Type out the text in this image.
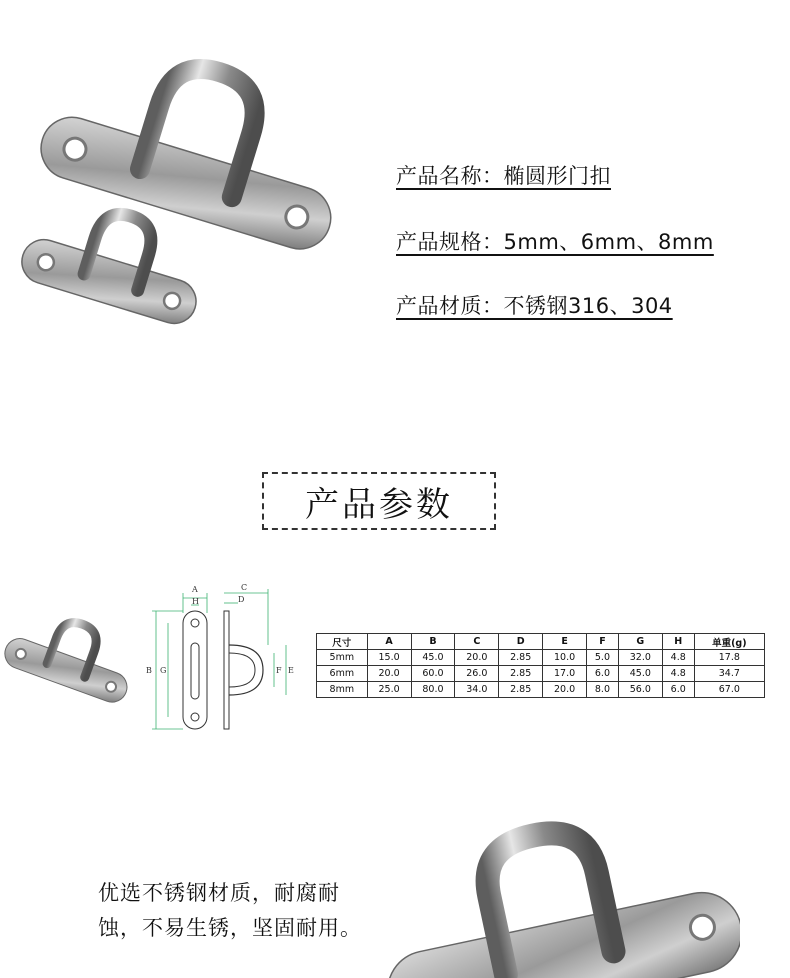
产品名称：椭圆形门扣
产品规格：5mm、6mm、8mm
产品材质：不锈钢316、304
产品参数
A
H
C
D
B G	F E
尺寸	A	B	C	D	E	F	G	H	单重(g)
5mm	15.0	45.0	20.0	2.85	10.0	5.0	32.0	4.8	17.8
6mm	20.0	60.0	26.0	2.85	17.0	6.0	45.0	4.8	34.7
8mm	25.0	80.0	34.0	2.85	20.0	8.0	56.0	6.0	67.0
优选不锈钢材质，耐腐耐蚀，不易生锈，坚固耐用。
